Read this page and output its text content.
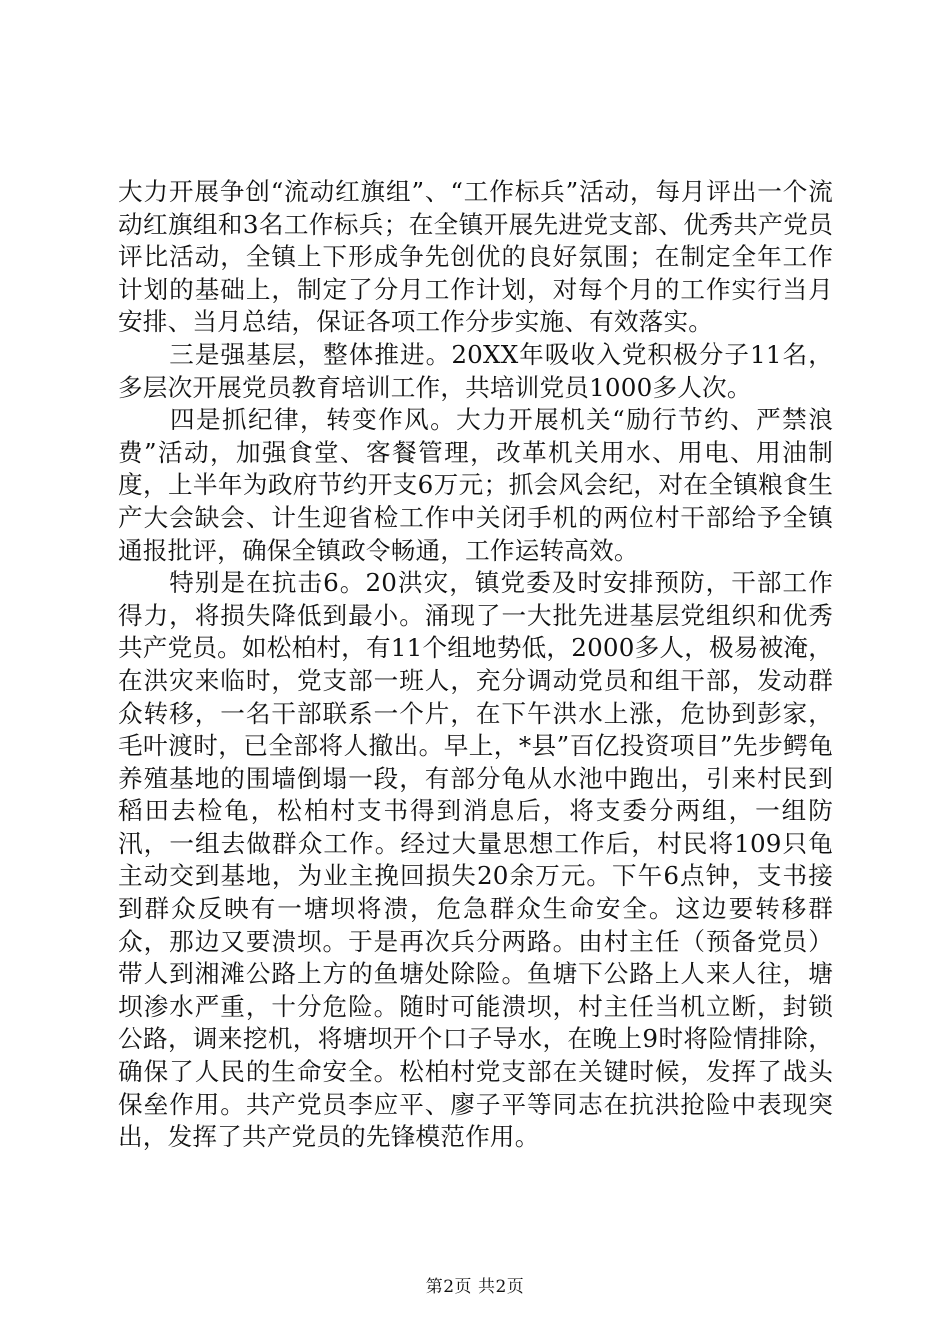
大力开展争创“流动红旗组”、“工作标兵”活动，每月评出一个流动红旗组和3名工作标兵；在全镇开展先进党支部、优秀共产党员评比活动，全镇上下形成争先创优的良好氛围；在制定全年工作计划的基础上，制定了分月工作计划，对每个月的工作实行当月安排、当月总结，保证各项工作分步实施、有效落实。

　　三是强基层，整体推进。20XX年吸收入党积极分子11名，多层次开展党员教育培训工作，共培训党员1000多人次。

　　四是抓纪律，转变作风。大力开展机关“励行节约、严禁浪费”活动，加强食堂、客餐管理，改革机关用水、用电、用油制度，上半年为政府节约开支6万元；抓会风会纪，对在全镇粮食生产大会缺会、计生迎省检工作中关闭手机的两位村干部给予全镇通报批评，确保全镇政令畅通，工作运转高效。

　　特别是在抗击6。20洪灾，镇党委及时安排预防，干部工作得力，将损失降低到最小。涌现了一大批先进基层党组织和优秀共产党员。如松柏村，有11个组地势低，2000多人，极易被淹，在洪灾来临时，党支部一班人，充分调动党员和组干部，发动群众转移，一名干部联系一个片，在下午洪水上涨，危协到彭家，毛叶渡时，已全部将人撤出。早上，*县”百亿投资项目”先步鳄龟养殖基地的围墙倒塌一段，有部分龟从水池中跑出，引来村民到稻田去检龟，松柏村支书得到消息后，将支委分两组，一组防汛，一组去做群众工作。经过大量思想工作后，村民将109只龟主动交到基地，为业主挽回损失20余万元。下午6点钟，支书接到群众反映有一塘坝将溃，危急群众生命安全。这边要转移群众，那边又要溃坝。于是再次兵分两路。由村主任（预备党员）带人到湘滩公路上方的鱼塘处除险。鱼塘下公路上人来人往，塘坝渗水严重，十分危险。随时可能溃坝，村主任当机立断，封锁公路，调来挖机，将塘坝开个口子导水，在晚上9时将险情排除，确保了人民的生命安全。松柏村党支部在关键时候，发挥了战头保垒作用。共产党员李应平、廖子平等同志在抗洪抢险中表现突出，发挥了共产党员的先锋模范作用。

第2页 共2页
